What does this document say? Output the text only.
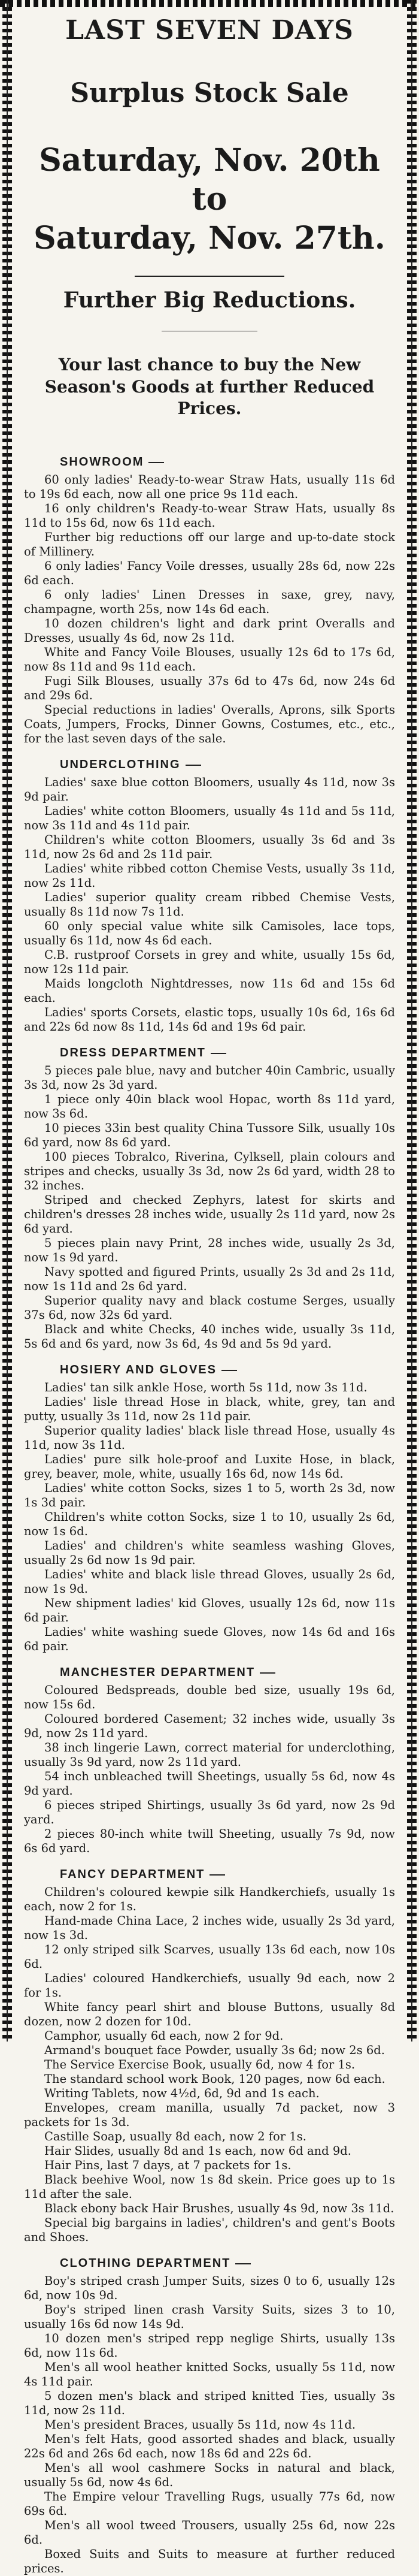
LAST SEVEN DAYS
Surplus Stock Sale

Saturday, Nov. 20th

to

Saturday, Nov. 27th.

Further Big Reductions.

Your last chance to buy the New Season's Goods at further Reduced Prices.

SHOWROOM

60 only ladies' Ready-to-wear Straw Hats, usually 11s 6d to 19s 6d each, now all one price 9s 11d each.

16 only children's Ready-to-wear Straw Hats, usually 8s 11d to 15s 6d, now 6s 11d each.

Further big reductions off our large and up-to-date stock of Millinery.

6 only ladies' Fancy Voile dresses, usually 28s 6d, now 22s 6d each.

6 only ladies' Linen Dresses in saxe, grey, navy, champagne, worth 25s, now 14s 6d each.

10 dozen children's light and dark print Overalls and Dresses, usually 4s 6d, now 2s 11d.

White and Fancy Voile Blouses, usually 12s 6d to 17s 6d, now 8s 11d and 9s 11d each.

Fugi Silk Blouses, usually 37s 6d to 47s 6d, now 24s 6d and 29s 6d.

Special reductions in ladies' Overalls, Aprons, silk Sports Coats, Jumpers, Frocks, Dinner Gowns, Costumes, etc., etc., for the last seven days of the sale.

UNDERCLOTHING

Ladies' saxe blue cotton Bloomers, usually 4s 11d, now 3s 9d pair.

Ladies' white cotton Bloomers, usually 4s 11d and 5s 11d, now 3s 11d and 4s 11d pair.

Children's white cotton Bloomers, usually 3s 6d and 3s 11d, now 2s 6d and 2s 11d pair.

Ladies' white ribbed cotton Chemise Vests, usually 3s 11d, now 2s 11d.

Ladies' superior quality cream ribbed Chemise Vests, usually 8s 11d now 7s 11d.

60 only special value white silk Camisoles, lace tops, usually 6s 11d, now 4s 6d each.

C.B. rustproof Corsets in grey and white, usually 15s 6d, now 12s 11d pair.

Maids longcloth Nightdresses, now 11s 6d and 15s 6d each.

Ladies' sports Corsets, elastic tops, usually 10s 6d, 16s 6d and 22s 6d now 8s 11d, 14s 6d and 19s 6d pair.

DRESS DEPARTMENT

5 pieces pale blue, navy and butcher 40in Cambric, usually 3s 3d, now 2s 3d yard.

1 piece only 40in black wool Hopac, worth 8s 11d yard, now 3s 6d.

10 pieces 33in best quality China Tussore Silk, usually 10s 6d yard, now 8s 6d yard.

100 pieces Tobralco, Riverina, Cylksell, plain colours and stripes and checks, usually 3s 3d, now 2s 6d yard, width 28 to 32 inches.

Striped and checked Zephyrs, latest for skirts and children's dresses 28 inches wide, usually 2s 11d yard, now 2s 6d yard.

5 pieces plain navy Print, 28 inches wide, usually 2s 3d, now 1s 9d yard.

Navy spotted and figured Prints, usually 2s 3d and 2s 11d, now 1s 11d and 2s 6d yard.

Superior quality navy and black costume Serges, usually 37s 6d, now 32s 6d yard.

Black and white Checks, 40 inches wide, usually 3s 11d, 5s 6d and 6s yard, now 3s 6d, 4s 9d and 5s 9d yard.

HOSIERY AND GLOVES

Ladies' tan silk ankle Hose, worth 5s 11d, now 3s 11d.

Ladies' lisle thread Hose in black, white, grey, tan and putty, usually 3s 11d, now 2s 11d pair.

Superior quality ladies' black lisle thread Hose, usually 4s 11d, now 3s 11d.

Ladies' pure silk hole-proof and Luxite Hose, in black, grey, beaver, mole, white, usually 16s 6d, now 14s 6d.

Ladies' white cotton Socks, sizes 1 to 5, worth 2s 3d, now 1s 3d pair.

Children's white cotton Socks, size 1 to 10, usually 2s 6d, now 1s 6d.

Ladies' and children's white seamless washing Gloves, usually 2s 6d now 1s 9d pair.

Ladies' white and black lisle thread Gloves, usually 2s 6d, now 1s 9d.

New shipment ladies' kid Gloves, usually 12s 6d, now 11s 6d pair.

Ladies' white washing suede Gloves, now 14s 6d and 16s 6d pair.

MANCHESTER DEPARTMENT

Coloured Bedspreads, double bed size, usually 19s 6d, now 15s 6d.

Coloured bordered Casement; 32 inches wide, usually 3s 9d, now 2s 11d yard.

38 inch lingerie Lawn, correct material for underclothing, usually 3s 9d yard, now 2s 11d yard.

54 inch unbleached twill Sheetings, usually 5s 6d, now 4s 9d yard.

6 pieces striped Shirtings, usually 3s 6d yard, now 2s 9d yard.

2 pieces 80-inch white twill Sheeting, usually 7s 9d, now 6s 6d yard.

FANCY DEPARTMENT

Children's coloured kewpie silk Handkerchiefs, usually 1s each, now 2 for 1s.

Hand-made China Lace, 2 inches wide, usually 2s 3d yard, now 1s 3d.

12 only striped silk Scarves, usually 13s 6d each, now 10s 6d.

Ladies' coloured Handkerchiefs, usually 9d each, now 2 for 1s.

White fancy pearl shirt and blouse Buttons, usually 8d dozen, now 2 dozen for 10d.

Camphor, usually 6d each, now 2 for 9d.

Armand's bouquet face Powder, usually 3s 6d; now 2s 6d.

The Service Exercise Book, usually 6d, now 4 for 1s.

The standard school work Book, 120 pages, now 6d each.

Writing Tablets, now 4½d, 6d, 9d and 1s each.

Envelopes, cream manilla, usually 7d packet, now 3 packets for 1s 3d.

Castille Soap, usually 8d each, now 2 for 1s.

Hair Slides, usually 8d and 1s each, now 6d and 9d.

Hair Pins, last 7 days, at 7 packets for 1s.

Black beehive Wool, now 1s 8d skein. Price goes up to 1s 11d after the sale.

Black ebony back Hair Brushes, usually 4s 9d, now 3s 11d.

Special big bargains in ladies', children's and gent's Boots and Shoes.

CLOTHING DEPARTMENT

Boy's striped crash Jumper Suits, sizes 0 to 6, usually 12s 6d, now 10s 9d.

Boy's striped linen crash Varsity Suits, sizes 3 to 10, usually 16s 6d now 14s 9d.

10 dozen men's striped repp neglige Shirts, usually 13s 6d, now 11s 6d.

Men's all wool heather knitted Socks, usually 5s 11d, now 4s 11d pair.

5 dozen men's black and striped knitted Ties, usually 3s 11d, now 2s 11d.

Men's president Braces, usually 5s 11d, now 4s 11d.

Men's felt Hats, good assorted shades and black, usually 22s 6d and 26s 6d each, now 18s 6d and 22s 6d.

Men's all wool cashmere Socks in natural and black, usually 5s 6d, now 4s 6d.

The Empire velour Travelling Rugs, usually 77s 6d, now 69s 6d.

Men's all wool tweed Trousers, usually 25s 6d, now 22s 6d.

Boxed Suits and Suits to measure at further reduced prices.
